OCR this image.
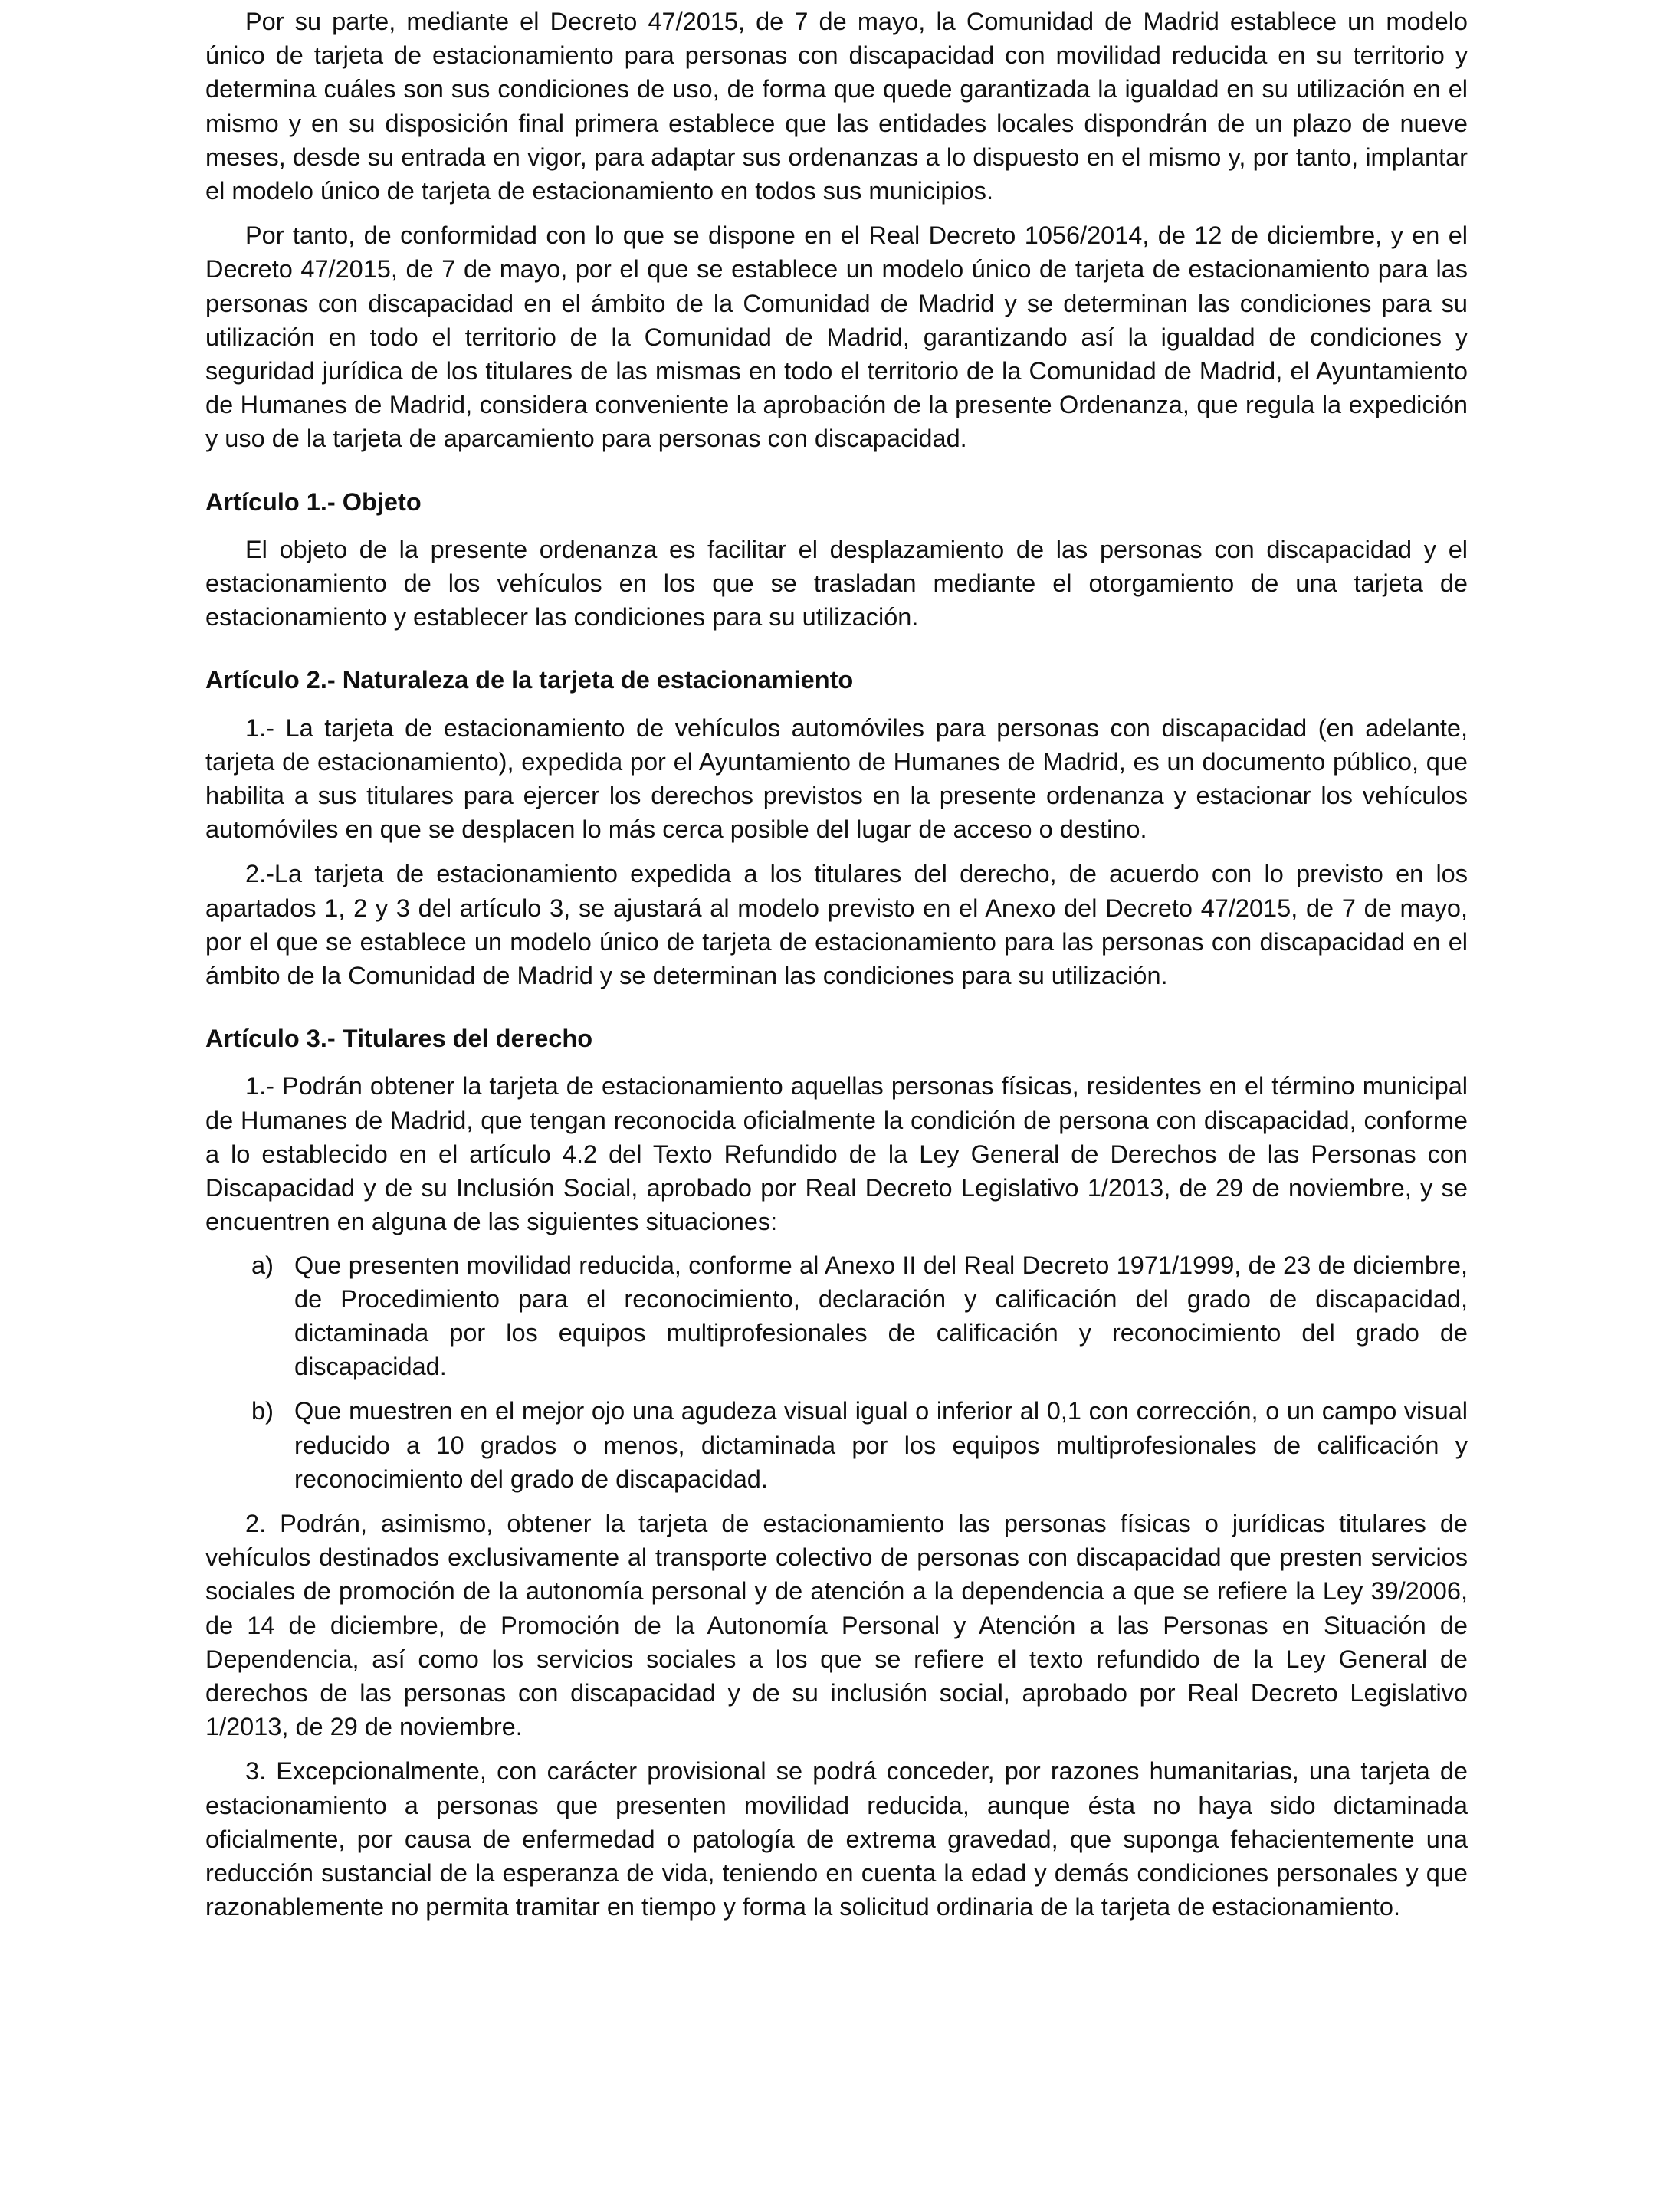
Por su parte, mediante el Decreto 47/2015, de 7 de mayo, la Comunidad de Madrid establece un modelo único de tarjeta de estacionamiento para personas con discapacidad con movilidad reducida en su territorio y determina cuáles son sus condiciones de uso, de forma que quede garantizada la igualdad en su utilización en el mismo y en su disposición final primera establece que las entidades locales dispondrán de un plazo de nueve meses, desde su entrada en vigor, para adaptar sus ordenanzas a lo dispuesto en el mismo y, por tanto, implantar el modelo único de tarjeta de estacionamiento en todos sus municipios.

Por tanto, de conformidad con lo que se dispone en el Real Decreto 1056/2014, de 12 de diciembre, y en el Decreto 47/2015, de 7 de mayo, por el que se establece un modelo único de tarjeta de estacionamiento para las personas con discapacidad en el ámbito de la Comunidad de Madrid y se determinan las condiciones para su utilización en todo el territorio de la Comunidad de Madrid, garantizando así la igualdad de condiciones y seguridad jurídica de los titulares de las mismas en todo el territorio de la Comunidad de Madrid, el Ayuntamiento de Humanes de Madrid, considera conveniente la aprobación de la presente Ordenanza, que regula la expedición y uso de la tarjeta de aparcamiento para personas con discapacidad.

Artículo 1.- Objeto

El objeto de la presente ordenanza es facilitar el desplazamiento de las personas con discapacidad y el estacionamiento de los vehículos en los que se trasladan mediante el otorgamiento de una tarjeta de estacionamiento y establecer las condiciones para su utilización.

Artículo 2.- Naturaleza de la tarjeta de estacionamiento

1.- La tarjeta de estacionamiento de vehículos automóviles para personas con discapacidad (en adelante, tarjeta de estacionamiento), expedida por el Ayuntamiento de Humanes de Madrid, es un documento público, que habilita a sus titulares para ejercer los derechos previstos en la presente ordenanza y estacionar los vehículos automóviles en que se desplacen lo más cerca posible del lugar de acceso o destino.

2.-La tarjeta de estacionamiento expedida a los titulares del derecho, de acuerdo con lo previsto en los apartados 1, 2 y 3 del artículo 3, se ajustará al modelo previsto en el Anexo del Decreto 47/2015, de 7 de mayo, por el que se establece un modelo único de tarjeta de estacionamiento para las personas con discapacidad en el ámbito de la Comunidad de Madrid y se determinan las condiciones para su utilización.

Artículo 3.- Titulares del derecho

1.- Podrán obtener la tarjeta de estacionamiento aquellas personas físicas, residentes en el término municipal de Humanes de Madrid, que tengan reconocida oficialmente la condición de persona con discapacidad, conforme a lo establecido en el artículo 4.2 del Texto Refundido de la Ley General de Derechos de las Personas con Discapacidad y de su Inclusión Social, aprobado por Real Decreto Legislativo 1/2013, de 29 de noviembre, y se encuentren en alguna de las siguientes situaciones:

a) Que presenten movilidad reducida, conforme al Anexo II del Real Decreto 1971/1999, de 23 de diciembre, de Procedimiento para el reconocimiento, declaración y calificación del grado de discapacidad, dictaminada por los equipos multiprofesionales de calificación y reconocimiento del grado de discapacidad.
b) Que muestren en el mejor ojo una agudeza visual igual o inferior al 0,1 con corrección, o un campo visual reducido a 10 grados o menos, dictaminada por los equipos multiprofesionales de calificación y reconocimiento del grado de discapacidad.

2. Podrán, asimismo, obtener la tarjeta de estacionamiento las personas físicas o jurídicas titulares de vehículos destinados exclusivamente al transporte colectivo de personas con discapacidad que presten servicios sociales de promoción de la autonomía personal y de atención a la dependencia a que se refiere la Ley 39/2006, de 14 de diciembre, de Promoción de la Autonomía Personal y Atención a las Personas en Situación de Dependencia, así como los servicios sociales a los que se refiere el texto refundido de la Ley General de derechos de las personas con discapacidad y de su inclusión social, aprobado por Real Decreto Legislativo 1/2013, de 29 de noviembre.

3. Excepcionalmente, con carácter provisional se podrá conceder, por razones humanitarias, una tarjeta de estacionamiento a personas que presenten movilidad reducida, aunque ésta no haya sido dictaminada oficialmente, por causa de enfermedad o patología de extrema gravedad, que suponga fehacientemente una reducción sustancial de la esperanza de vida, teniendo en cuenta la edad y demás condiciones personales y que razonablemente no permita tramitar en tiempo y forma la solicitud ordinaria de la tarjeta de estacionamiento.
